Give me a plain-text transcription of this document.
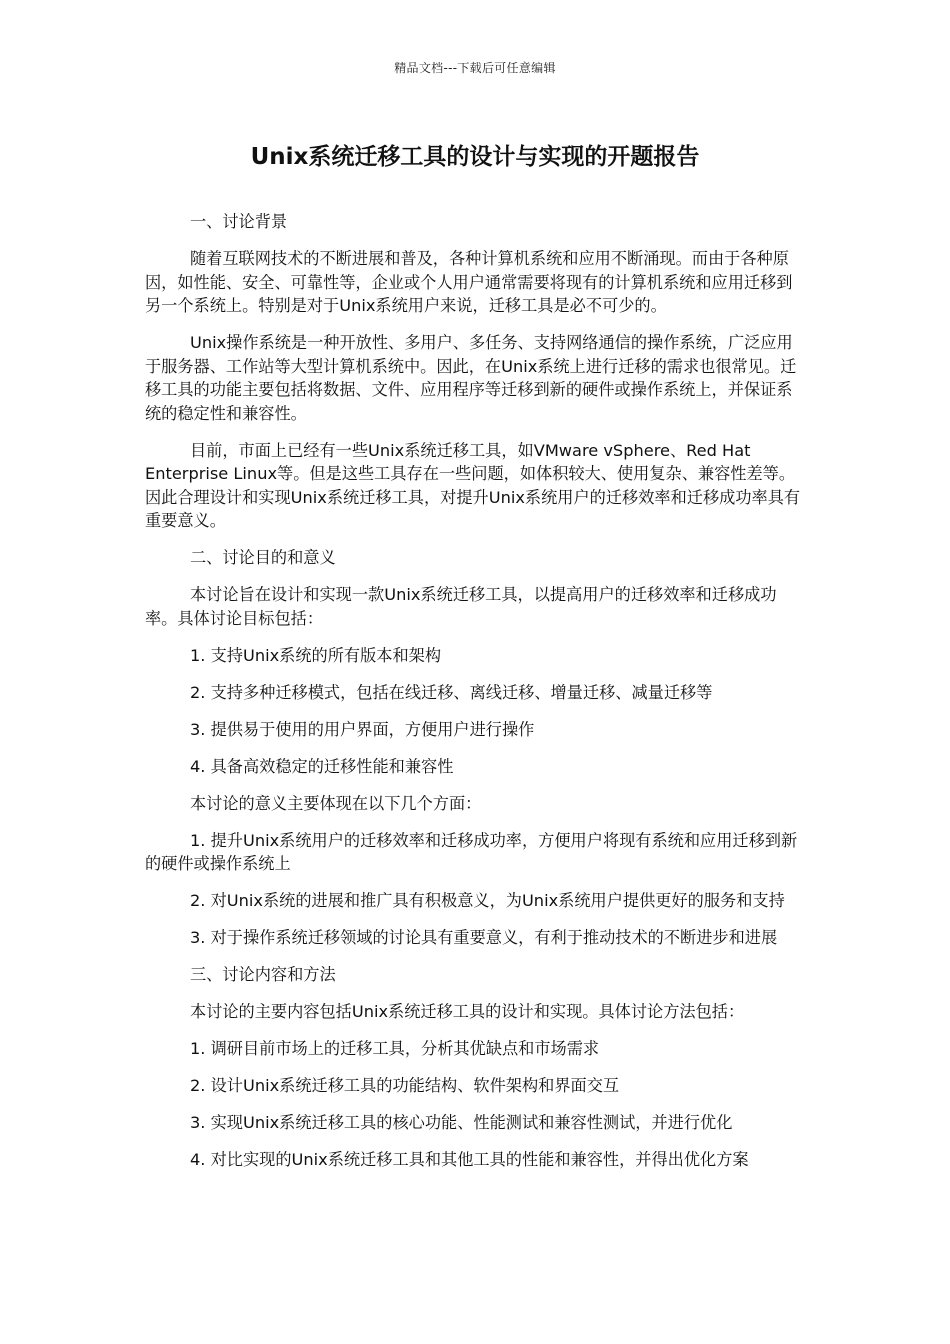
精品文档---下载后可任意编辑
Unix系统迁移工具的设计与实现的开题报告

一、讨论背景

随着互联网技术的不断进展和普及，各种计算机系统和应用不断涌现。而由于各种原因，如性能、安全、可靠性等，企业或个人用户通常需要将现有的计算机系统和应用迁移到另一个系统上。特别是对于Unix系统用户来说，迁移工具是必不可少的。

Unix操作系统是一种开放性、多用户、多任务、支持网络通信的操作系统，广泛应用于服务器、工作站等大型计算机系统中。因此，在Unix系统上进行迁移的需求也很常见。迁移工具的功能主要包括将数据、文件、应用程序等迁移到新的硬件或操作系统上，并保证系统的稳定性和兼容性。

目前，市面上已经有一些Unix系统迁移工具，如VMware vSphere、Red Hat Enterprise Linux等。但是这些工具存在一些问题，如体积较大、使用复杂、兼容性差等。因此合理设计和实现Unix系统迁移工具，对提升Unix系统用户的迁移效率和迁移成功率具有重要意义。

二、讨论目的和意义

本讨论旨在设计和实现一款Unix系统迁移工具，以提高用户的迁移效率和迁移成功率。具体讨论目标包括：

1. 支持Unix系统的所有版本和架构

2. 支持多种迁移模式，包括在线迁移、离线迁移、增量迁移、减量迁移等

3. 提供易于使用的用户界面，方便用户进行操作

4. 具备高效稳定的迁移性能和兼容性

本讨论的意义主要体现在以下几个方面：

1. 提升Unix系统用户的迁移效率和迁移成功率，方便用户将现有系统和应用迁移到新的硬件或操作系统上

2. 对Unix系统的进展和推广具有积极意义，为Unix系统用户提供更好的服务和支持

3. 对于操作系统迁移领域的讨论具有重要意义，有利于推动技术的不断进步和进展

三、讨论内容和方法

本讨论的主要内容包括Unix系统迁移工具的设计和实现。具体讨论方法包括：

1. 调研目前市场上的迁移工具，分析其优缺点和市场需求

2. 设计Unix系统迁移工具的功能结构、软件架构和界面交互

3. 实现Unix系统迁移工具的核心功能、性能测试和兼容性测试，并进行优化

4. 对比实现的Unix系统迁移工具和其他工具的性能和兼容性，并得出优化方案
